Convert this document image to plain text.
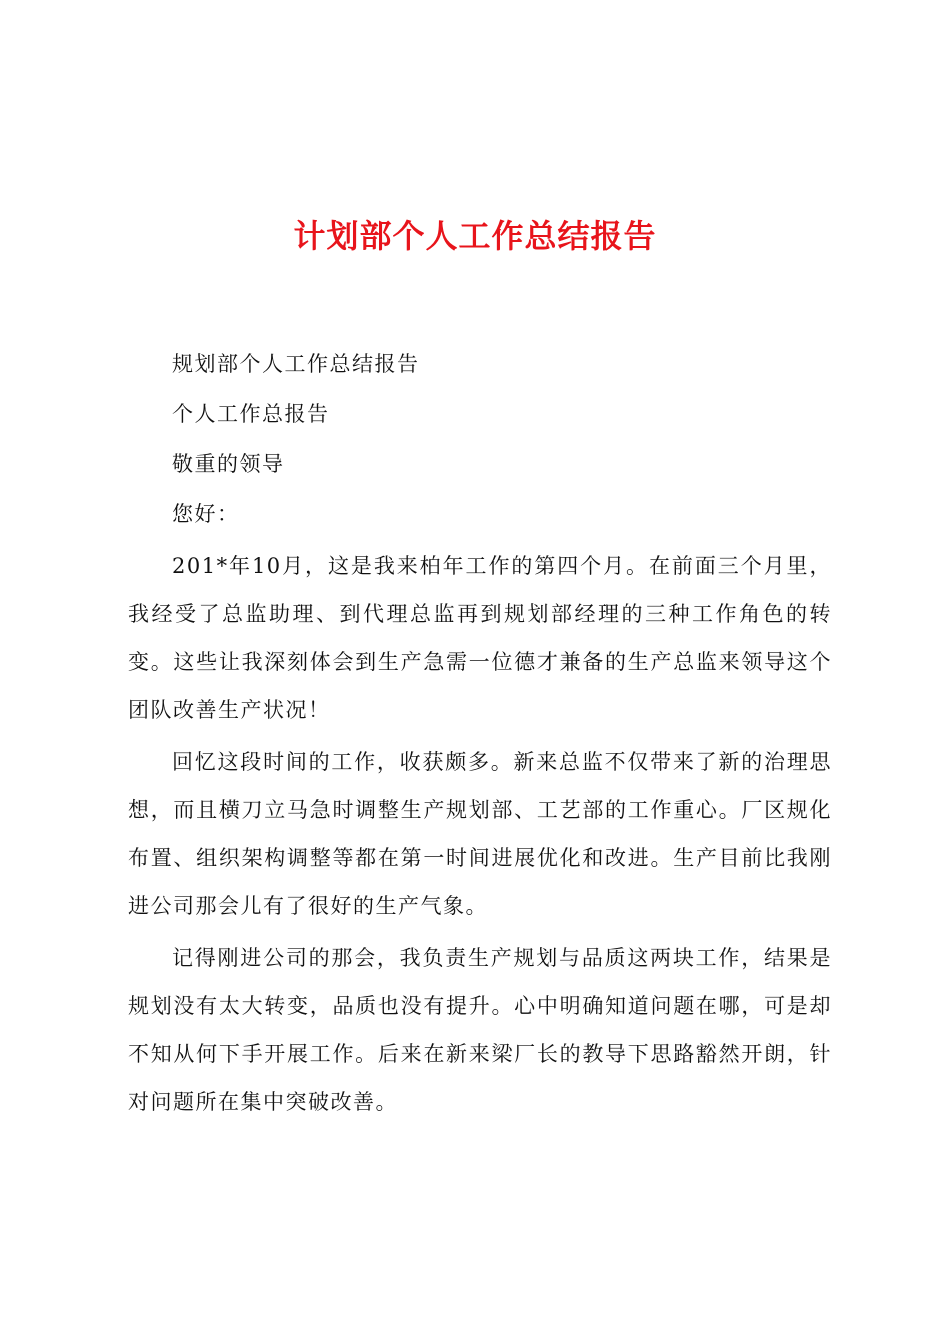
计划部个人工作总结报告

规划部个人工作总结报告

个人工作总报告

敬重的领导

您好：

201*年10月，这是我来柏年工作的第四个月。在前面三个月里，我经受了总监助理、到代理总监再到规划部经理的三种工作角色的转变。这些让我深刻体会到生产急需一位德才兼备的生产总监来领导这个团队改善生产状况！

回忆这段时间的工作，收获颇多。新来总监不仅带来了新的治理思想，而且横刀立马急时调整生产规划部、工艺部的工作重心。厂区规化布置、组织架构调整等都在第一时间进展优化和改进。生产目前比我刚进公司那会儿有了很好的生产气象。

记得刚进公司的那会，我负责生产规划与品质这两块工作，结果是规划没有太大转变，品质也没有提升。心中明确知道问题在哪，可是却不知从何下手开展工作。后来在新来梁厂长的教导下思路豁然开朗，针对问题所在集中突破改善。
